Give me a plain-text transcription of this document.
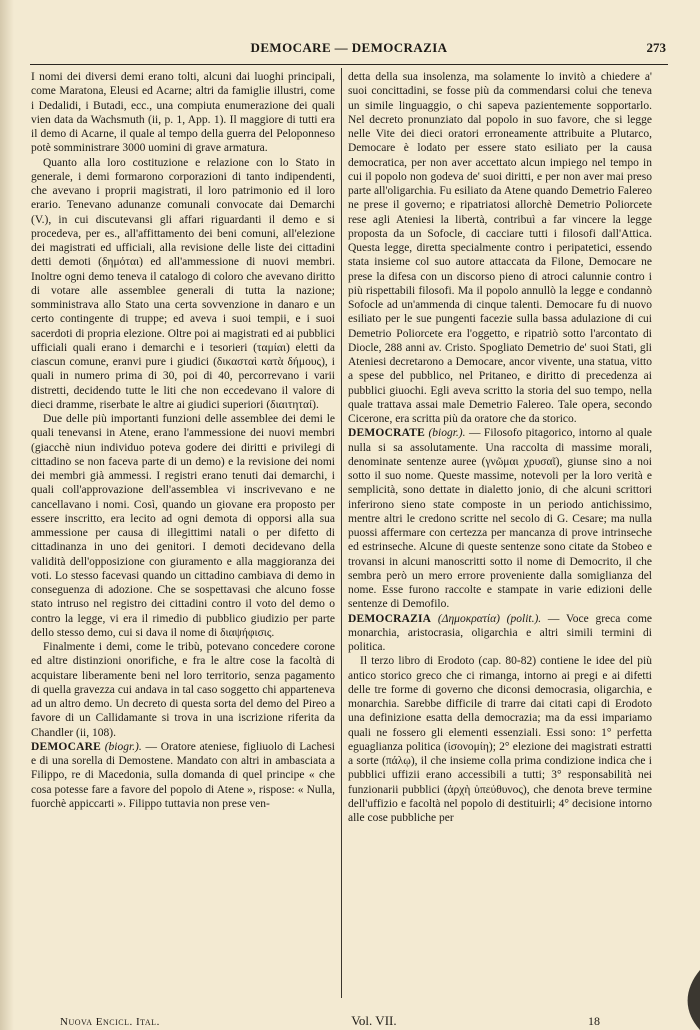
DEMOCARE — DEMOCRAZIA	273

I nomi dei diversi demi erano tolti, alcuni dai luoghi principali, come Maratona, Eleusi ed Acarne; altri da famiglie illustri, come i Dedalidi, i Butadi, ecc., una compiuta enumerazione dei quali vien data da Wachsmuth (ii, p. 1, App. 1). Il maggiore di tutti era il demo di Acarne, il quale al tempo della guerra del Peloponneso potè somministrare 3000 uomini di grave armatura.

Quanto alla loro costituzione e relazione con lo Stato in generale, i demi formarono corporazioni di tanto indipendenti, che avevano i proprii magistrati, il loro patrimonio ed il loro erario. Tenevano adunanze comunali convocate dai Demarchi (V.), in cui discutevansi gli affari riguardanti il demo e si procedeva, per es., all'affittamento dei beni comuni, all'elezione dei magistrati ed ufficiali, alla revisione delle liste dei cittadini detti demoti (δημόται) ed all'ammessione di nuovi membri. Inoltre ogni demo teneva il catalogo di coloro che avevano diritto di votare alle assemblee generali di tutta la nazione; somministrava allo Stato una certa sovvenzione in danaro e un certo contingente di truppe; ed aveva i suoi tempii, e i suoi sacerdoti di propria elezione. Oltre poi ai magistrati ed ai pubblici ufficiali quali erano i demarchi e i tesorieri (ταμίαι) eletti da ciascun comune, eranvi pure i giudici (δικασταὶ κατὰ δήμους), i quali in numero prima di 30, poi di 40, percorrevano i varii distretti, decidendo tutte le liti che non eccedevano il valore di dieci dramme, riserbate le altre ai giudici superiori (διαιτηταί).

Due delle più importanti funzioni delle assemblee dei demi le quali tenevansi in Atene, erano l'ammessione dei nuovi membri (giacchè niun individuo poteva godere dei diritti e privilegi di cittadino se non faceva parte di un demo) e la revisione dei nomi dei membri già ammessi. I registri erano tenuti dai demarchi, i quali coll'approvazione dell'assemblea vi inscrivevano e ne cancellavano i nomi. Così, quando un giovane era proposto per essere inscritto, era lecito ad ogni demota di opporsi alla sua ammessione per causa di illegittimi natali o per difetto di cittadinanza in uno dei genitori. I demoti decidevano della validità dell'opposizione con giuramento e alla maggioranza dei voti. Lo stesso facevasi quando un cittadino cambiava di demo in conseguenza di adozione. Che se sospettavasi che alcuno fosse stato intruso nel registro dei cittadini contro il voto del demo o contro la legge, vi era il rimedio di pubblico giudizio per parte dello stesso demo, cui si dava il nome di διαψήφισις.

Finalmente i demi, come le tribù, potevano concedere corone ed altre distinzioni onorifiche, e fra le altre cose la facoltà di acquistare liberamente beni nel loro territorio, senza pagamento di quella gravezza cui andava in tal caso soggetto chi apparteneva ad un altro demo. Un decreto di questa sorta del demo del Pireo a favore di un Callidamante si trova in una iscrizione riferita da Chandler (ii, 108).

DEMOCARE (biogr.). — Oratore ateniese, figliuolo di Lachesi e di una sorella di Demostene. Mandato con altri in ambasciata a Filippo, re di Macedonia, sulla domanda di quel principe « che cosa potesse fare a favore del popolo di Atene », rispose: « Nulla, fuorchè appiccarti ». Filippo tuttavia non prese ven-

detta della sua insolenza, ma solamente lo invitò a chiedere a' suoi concittadini, se fosse più da commendarsi colui che teneva un simile linguaggio, o chi sapeva pazientemente sopportarlo. Nel decreto pronunziato dal popolo in suo favore, che si legge nelle Vite dei dieci oratori erroneamente attribuite a Plutarco, Democare è lodato per essere stato esiliato per la causa democratica, per non aver accettato alcun impiego nel tempo in cui il popolo non godeva de' suoi diritti, e per non aver mai preso parte all'oligarchia. Fu esiliato da Atene quando Demetrio Falereo ne prese il governo; e ripatriatosi allorchè Demetrio Poliorcete rese agli Ateniesi la libertà, contribuì a far vincere la legge proposta da un Sofocle, di cacciare tutti i filosofi dall'Attica. Questa legge, diretta specialmente contro i peripatetici, essendo stata insieme col suo autore attaccata da Filone, Democare ne prese la difesa con un discorso pieno di atroci calunnie contro i più rispettabili filosofi. Ma il popolo annullò la legge e condannò Sofocle ad un'ammenda di cinque talenti. Democare fu di nuovo esiliato per le sue pungenti facezie sulla bassa adulazione di cui Demetrio Poliorcete era l'oggetto, e ripatriò sotto l'arcontato di Diocle, 288 anni av. Cristo. Spogliato Demetrio de' suoi Stati, gli Ateniesi decretarono a Democare, ancor vivente, una statua, vitto a spese del pubblico, nel Pritaneo, e diritto di precedenza ai pubblici giuochi. Egli aveva scritto la storia del suo tempo, nella quale trattava assai male Demetrio Falereo. Tale opera, secondo Cicerone, era scritta più da oratore che da storico.

DEMOCRATE (biogr.). — Filosofo pitagorico, intorno al quale nulla si sa assolutamente. Una raccolta di massime morali, denominate sentenze auree (γνῶμαι χρυσαῖ), giunse sino a noi sotto il suo nome. Queste massime, notevoli per la loro verità e semplicità, sono dettate in dialetto jonio, di che alcuni scrittori inferirono sieno state composte in un periodo antichissimo, mentre altri le credono scritte nel secolo di G. Cesare; ma nulla puossi affermare con certezza per mancanza di prove intrinseche ed estrinseche. Alcune di queste sentenze sono citate da Stobeo e trovansi in alcuni manoscritti sotto il nome di Democrito, il che sembra però un mero errore proveniente dalla somiglianza del nome. Esse furono raccolte e stampate in varie edizioni delle sentenze di Demofilo.

DEMOCRAZIA (Δημοκρατία) (polit.). — Voce greca come monarchia, aristocrasia, oligarchia e altri simili termini di politica.

Il terzo libro di Erodoto (cap. 80-82) contiene le idee del più antico storico greco che ci rimanga, intorno ai pregi e ai difetti delle tre forme di governo che diconsi democrasia, oligarchia, e monarchia. Sarebbe difficile di trarre dai citati capi di Erodoto una definizione esatta della democrazia; ma da essi impariamo quali ne fossero gli elementi essenziali. Essi sono: 1° perfetta eguaglianza politica (ἰσονομίη); 2° elezione dei magistrati estratti a sorte (πάλῳ), il che insieme colla prima condizione indica che i pubblici uffizii erano accessibili a tutti; 3° responsabilità nei funzionarii pubblici (ἀρχὴ ὑπεύθυνος), che denota breve termine dell'uffizio e facoltà nel popolo di destituirli; 4° decisione intorno alle cose pubbliche per

Nuova Encicl. Ital.	Vol. VII.	18
